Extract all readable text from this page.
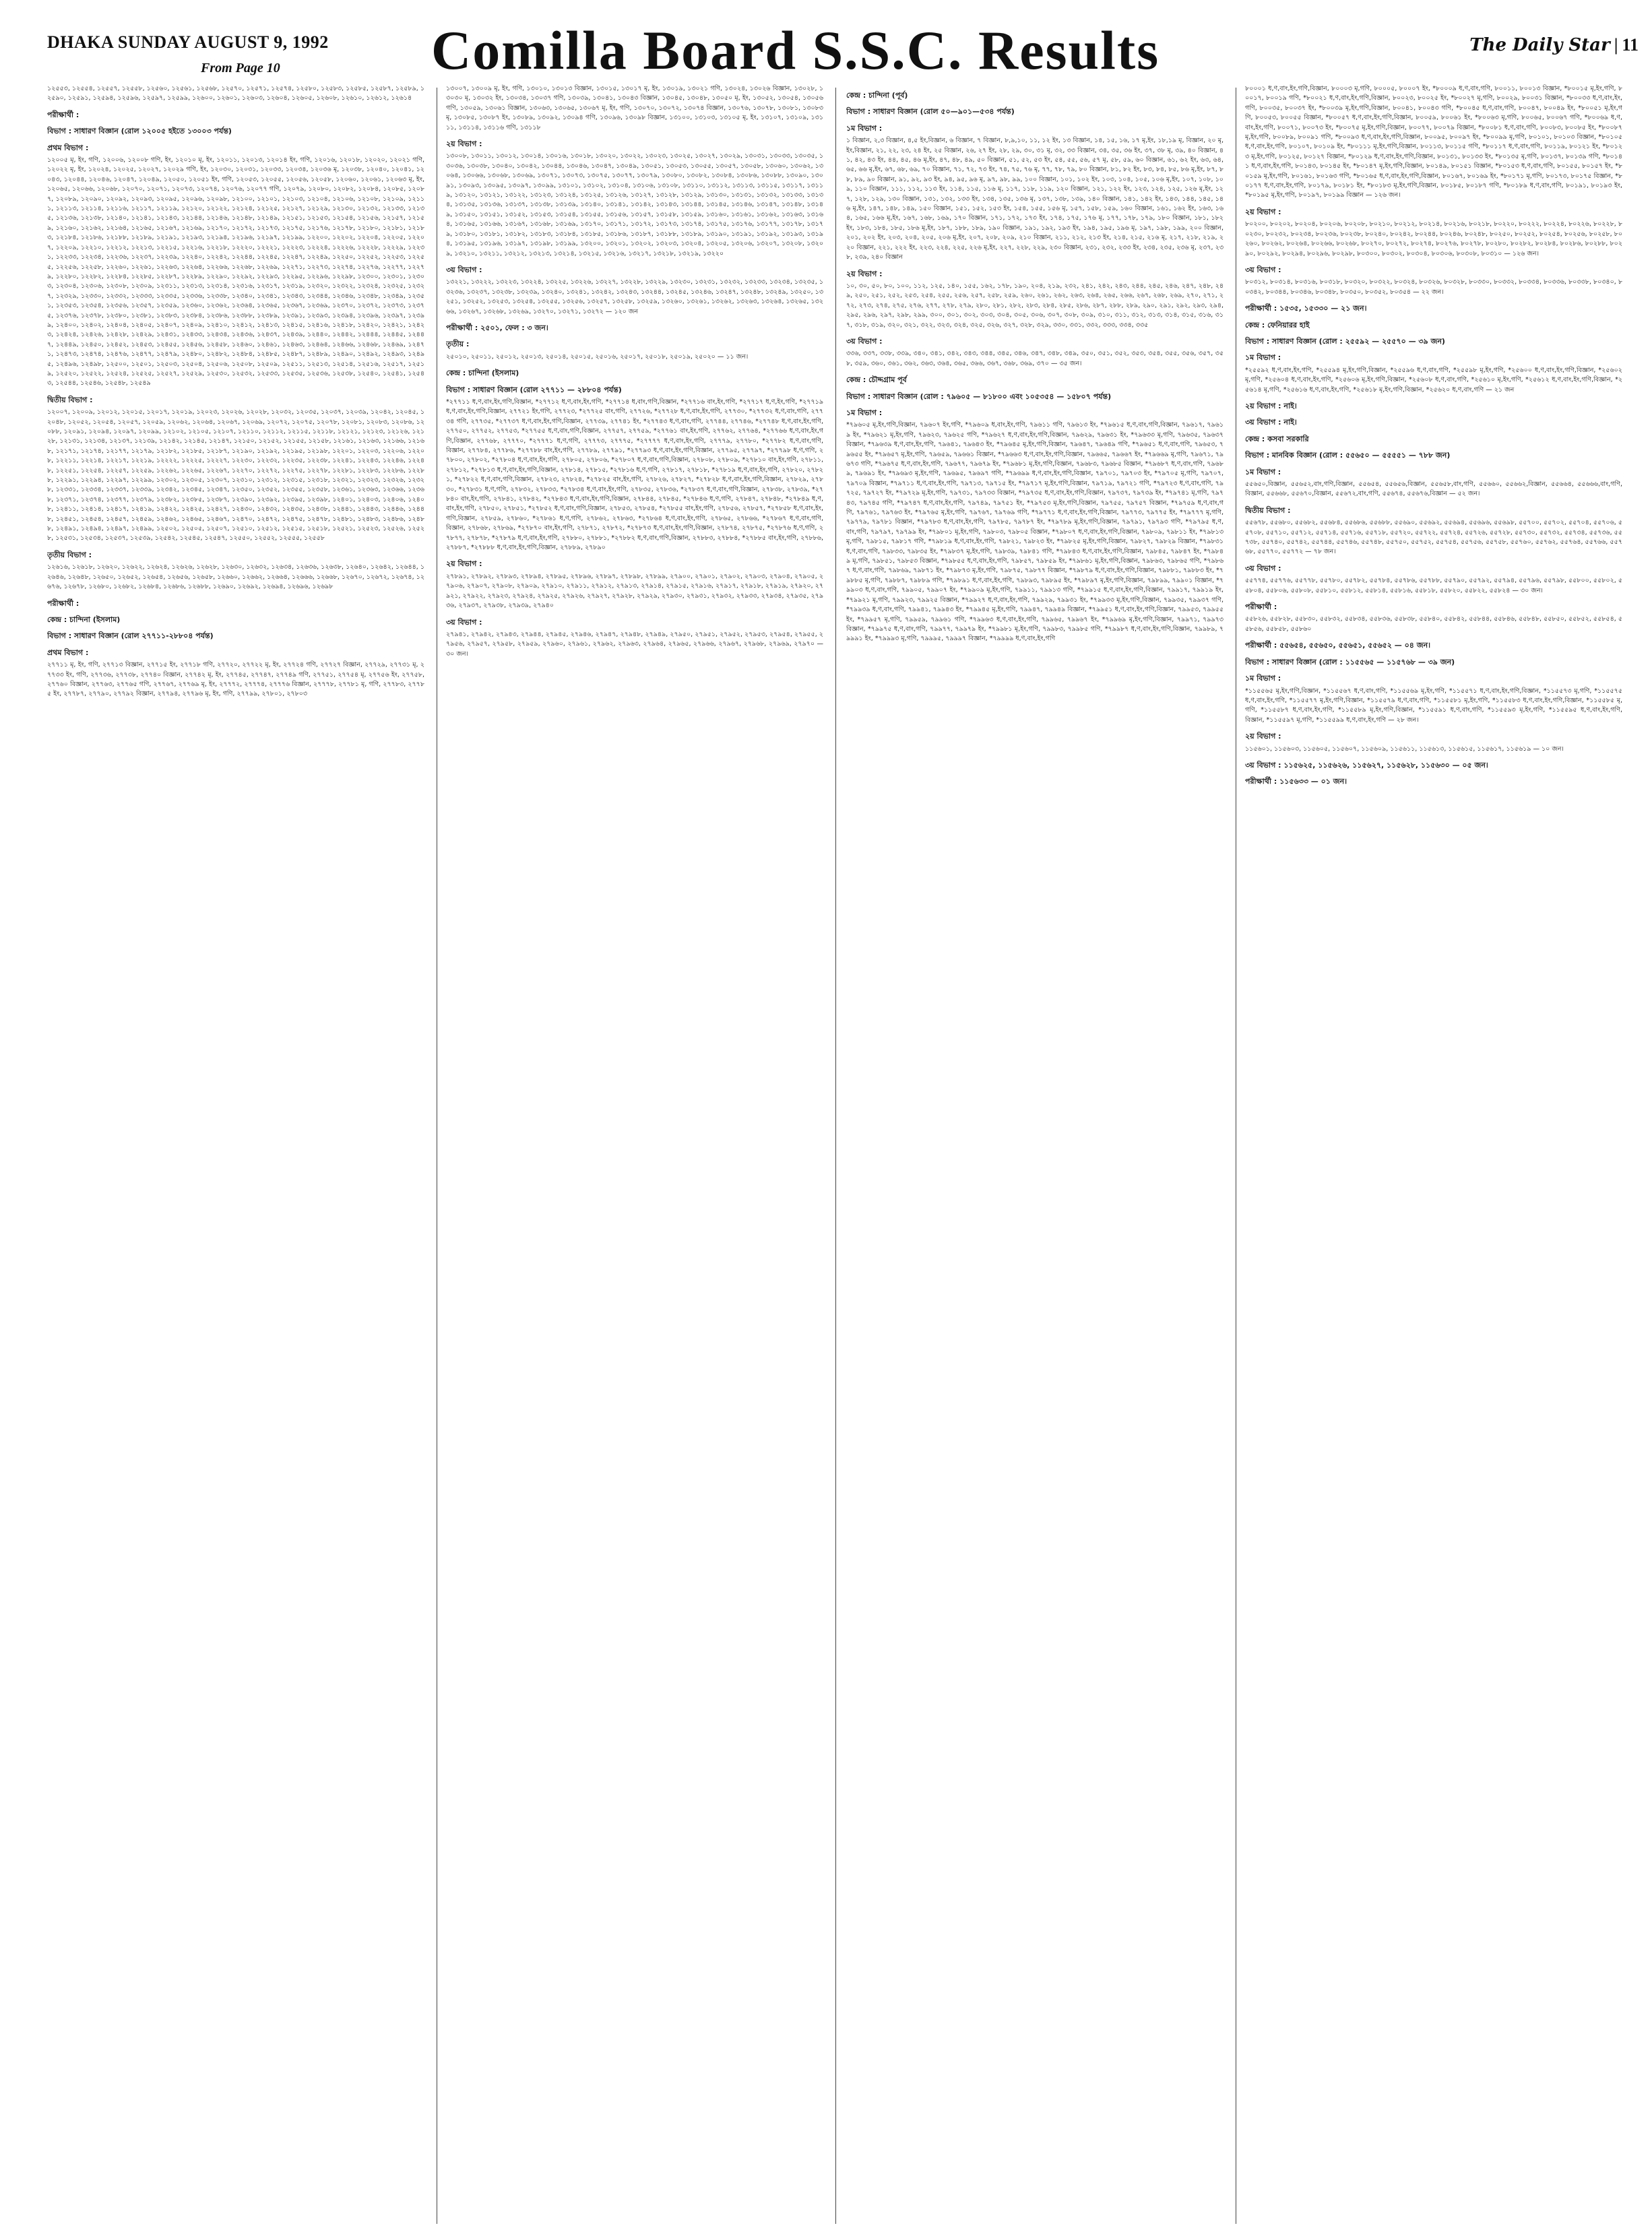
DHAKA SUNDAY AUGUST 9, 1992
From Page 10	Comilla Board S.S.C. Results	The Daily Star | 11
১২৫৫৩, ১২৫৫৪, ১২৫৫৭, ১২৫৫৮, ১২৫৬০, ১২৫৬১, ১২৫৬৮, ১২৫৭০, ১২৫৭১, ১২৫৭৪, ১২৫৮০, ১২৫৮৩, ১২৫৮৫, ১২৫৮৭, ১২৫৮৯, ১২৫৯০, ১২৫৯১, ১২৫৯৪, ১২৫৯৬, ১২৫৯৭, ১২৫৯৯, ১২৬০০, ১২৬০১, ১২৬০৩, ১২৬০৪, ১২৬০৫, ১২৬০৮, ১২৬১০, ১২৬১২, ১২৬১৪
পরীক্ষার্থী :
বিভাগ : সাধারণ বিজ্ঞান (রোল ১২০০৫ হইতে ১৩০০৩ পর্যন্ত)
প্রথম বিভাগ :
১২০০৫ মৃ, ইং, গণি, ১২০০৬, ১২০০৮ গণি, ইং, ১২০১০ মৃ, ইং, ১২০১১, ১২০১৩, ১২০১৪ ইং, গণি, ১২০১৬, ১২০১৮, ১২০২০, ১২০২১ গণি, ১২০২২ মৃ, ইং, ১২০২৪, ১২০২৫, ১২০২৭, ১২০২৯ গণি, ইং, ১২০৩০, ১২০৩১, ১২০৩৩, ১২০৩৪, ১২০৩৬ মৃ, ১২০৩৮, ১২০৪০, ১২০৪১, ১২০৪৩, ১২০৪৪, ১২০৪৬, ১২০৪৭, ১২০৪৯, ১২০৫০, ১২০৫১ ইং, গণি, ১২০৫৩, ১২০৫৫, ১২০৫৬, ১২০৫৮, ১২০৬০, ১২০৬১, ১২০৬৩ মৃ, ইং, ১২০৬৫, ১২০৬৬, ১২০৬৮, ১২০৭০, ১২০৭১, ১২০৭৩, ১২০৭৪, ১২০৭৬, ১২০৭৭ গণি, ১২০৭৯, ১২০৮০, ১২০৮২, ১২০৮৪, ১২০৮৫, ১২০৮৭, ১২০৮৯, ১২০৯০, ১২০৯২, ১২০৯৩, ১২০৯৫, ১২০৯৬, ১২০৯৮, ১২১০০, ১২১০১, ১২১০৩, ১২১০৪, ১২১০৬, ১২১০৮, ১২১০৯, ১২১১১, ১২১১৩, ১২১১৪, ১২১১৬, ১২১১৭, ১২১১৯, ১২১২০, ১২১২২, ১২১২৪, ১২১২৫, ১২১২৭, ১২১২৯, ১২১৩০, ১২১৩২, ১২১৩৩, ১২১৩৫, ১২১৩৬, ১২১৩৮, ১২১৪০, ১২১৪১, ১২১৪৩, ১২১৪৪, ১২১৪৬, ১২১৪৮, ১২১৪৯, ১২১৫১, ১২১৫৩, ১২১৫৪, ১২১৫৬, ১২১৫৭, ১২১৫৯, ১২১৬০, ১২১৬২, ১২১৬৪, ১২১৬৫, ১২১৬৭, ১২১৬৯, ১২১৭০, ১২১৭২, ১২১৭৩, ১২১৭৫, ১২১৭৬, ১২১৭৮, ১২১৮০, ১২১৮১, ১২১৮৩, ১২১৮৪, ১২১৮৬, ১২১৮৮, ১২১৮৯, ১২১৯১, ১২১৯৩, ১২১৯৪, ১২১৯৬, ১২১৯৭, ১২১৯৯, ১২২০০, ১২২০২, ১২২০৪, ১২২০৫, ১২২০৭, ১২২০৯, ১২২১০, ১২২১২, ১২২১৩, ১২২১৫, ১২২১৬, ১২২১৮, ১২২২০, ১২২২১, ১২২২৩, ১২২২৪, ১২২২৬, ১২২২৮, ১২২২৯, ১২২৩১, ১২২৩৩, ১২২৩৪, ১২২৩৬, ১২২৩৭, ১২২৩৯, ১২২৪০, ১২২৪২, ১২২৪৪, ১২২৪৫, ১২২৪৭, ১২২৪৯, ১২২৫০, ১২২৫২, ১২২৫৩, ১২২৫৫, ১২২৫৬, ১২২৫৮, ১২২৬০, ১২২৬১, ১২২৬৩, ১২২৬৪, ১২২৬৬, ১২২৬৮, ১২২৬৯, ১২২৭১, ১২২৭৩, ১২২৭৪, ১২২৭৬, ১২২৭৭, ১২২৭৯, ১২২৮০, ১২২৮২, ১২২৮৪, ১২২৮৫, ১২২৮৭, ১২২৮৯, ১২২৯০, ১২২৯২, ১২২৯৩, ১২২৯৫, ১২২৯৬, ১২২৯৮, ১২৩০০, ১২৩০১, ১২৩০৩, ১২৩০৪, ১২৩০৬, ১২৩০৮, ১২৩০৯, ১২৩১১, ১২৩১৩, ১২৩১৪, ১২৩১৬, ১২৩১৭, ১২৩১৯, ১২৩২০, ১২৩২২, ১২৩২৪, ১২৩২৫, ১২৩২৭, ১২৩২৯, ১২৩৩০, ১২৩৩২, ১২৩৩৩, ১২৩৩৫, ১২৩৩৬, ১২৩৩৮, ১২৩৪০, ১২৩৪১, ১২৩৪৩, ১২৩৪৪, ১২৩৪৬, ১২৩৪৮, ১২৩৪৯, ১২৩৫১, ১২৩৫৩, ১২৩৫৪, ১২৩৫৬, ১২৩৫৭, ১২৩৫৯, ১২৩৬০, ১২৩৬২, ১২৩৬৪, ১২৩৬৫, ১২৩৬৭, ১২৩৬৯, ১২৩৭০, ১২৩৭২, ১২৩৭৩, ১২৩৭৫, ১২৩৭৬, ১২৩৭৮, ১২৩৮০, ১২৩৮১, ১২৩৮৩, ১২৩৮৪, ১২৩৮৬, ১২৩৮৮, ১২৩৮৯, ১২৩৯১, ১২৩৯৩, ১২৩৯৪, ১২৩৯৬, ১২৩৯৭, ১২৩৯৯, ১২৪০০, ১২৪০২, ১২৪০৪, ১২৪০৫, ১২৪০৭, ১২৪০৯, ১২৪১০, ১২৪১২, ১২৪১৩, ১২৪১৫, ১২৪১৬, ১২৪১৮, ১২৪২০, ১২৪২১, ১২৪২৩, ১২৪২৪, ১২৪২৬, ১২৪২৮, ১২৪২৯, ১২৪৩১, ১২৪৩৩, ১২৪৩৪, ১২৪৩৬, ১২৪৩৭, ১২৪৩৯, ১২৪৪০, ১২৪৪২, ১২৪৪৪, ১২৪৪৫, ১২৪৪৭, ১২৪৪৯, ১২৪৫০, ১২৪৫২, ১২৪৫৩, ১২৪৫৫, ১২৪৫৬, ১২৪৫৮, ১২৪৬০, ১২৪৬১, ১২৪৬৩, ১২৪৬৪, ১২৪৬৬, ১২৪৬৮, ১২৪৬৯, ১২৪৭১, ১২৪৭৩, ১২৪৭৪, ১২৪৭৬, ১২৪৭৭, ১২৪৭৯, ১২৪৮০, ১২৪৮২, ১২৪৮৪, ১২৪৮৫, ১২৪৮৭, ১২৪৮৯, ১২৪৯০, ১২৪৯২, ১২৪৯৩, ১২৪৯৫, ১২৪৯৬, ১২৪৯৮, ১২৫০০, ১২৫০১, ১২৫০৩, ১২৫০৪, ১২৫০৬, ১২৫০৮, ১২৫০৯, ১২৫১১, ১২৫১৩, ১২৫১৪, ১২৫১৬, ১২৫১৭, ১২৫১৯, ১২৫২০, ১২৫২২, ১২৫২৪, ১২৫২৫, ১২৫২৭, ১২৫২৯, ১২৫৩০, ১২৫৩২, ১২৫৩৩, ১২৫৩৫, ১২৫৩৬, ১২৫৩৮, ১২৫৪০, ১২৫৪১, ১২৫৪৩, ১২৫৪৪, ১২৫৪৬, ১২৫৪৮, ১২৫৪৯
দ্বিতীয় বিভাগ :
১২০০৭, ১২০০৯, ১২০১২, ১২০১৫, ১২০১৭, ১২০১৯, ১২০২৩, ১২০২৬, ১২০২৮, ১২০৩২, ১২০৩৫, ১২০৩৭, ১২০৩৯, ১২০৪২, ১২০৪৫, ১২০৪৮, ১২০৫২, ১২০৫৪, ১২০৫৭, ১২০৫৯, ১২০৬২, ১২০৬৪, ১২০৬৭, ১২০৬৯, ১২০৭২, ১২০৭৫, ১২০৭৮, ১২০৮১, ১২০৮৩, ১২০৮৬, ১২০৮৮, ১২০৯১, ১২০৯৪, ১২০৯৭, ১২০৯৯, ১২১০২, ১২১০৫, ১২১০৭, ১২১১০, ১২১১২, ১২১১৫, ১২১১৮, ১২১২১, ১২১২৩, ১২১২৬, ১২১২৮, ১২১৩১, ১২১৩৪, ১২১৩৭, ১২১৩৯, ১২১৪২, ১২১৪৫, ১২১৪৭, ১২১৫০, ১২১৫২, ১২১৫৫, ১২১৫৮, ১২১৬১, ১২১৬৩, ১২১৬৬, ১২১৬৮, ১২১৭১, ১২১৭৪, ১২১৭৭, ১২১৭৯, ১২১৮২, ১২১৮৫, ১২১৮৭, ১২১৯০, ১২১৯২, ১২১৯৫, ১২১৯৮, ১২২০১, ১২২০৩, ১২২০৬, ১২২০৮, ১২২১১, ১২২১৪, ১২২১৭, ১২২১৯, ১২২২২, ১২২২৫, ১২২২৭, ১২২৩০, ১২২৩২, ১২২৩৫, ১২২৩৮, ১২২৪১, ১২২৪৩, ১২২৪৬, ১২২৪৮, ১২২৫১, ১২২৫৪, ১২২৫৭, ১২২৫৯, ১২২৬২, ১২২৬৫, ১২২৬৭, ১২২৭০, ১২২৭২, ১২২৭৫, ১২২৭৮, ১২২৮১, ১২২৮৩, ১২২৮৬, ১২২৮৮, ১২২৯১, ১২২৯৪, ১২২৯৭, ১২২৯৯, ১২৩০২, ১২৩০৫, ১২৩০৭, ১২৩১০, ১২৩১২, ১২৩১৫, ১২৩১৮, ১২৩২১, ১২৩২৩, ১২৩২৬, ১২৩২৮, ১২৩৩১, ১২৩৩৪, ১২৩৩৭, ১২৩৩৯, ১২৩৪২, ১২৩৪৫, ১২৩৪৭, ১২৩৫০, ১২৩৫২, ১২৩৫৫, ১২৩৫৮, ১২৩৬১, ১২৩৬৩, ১২৩৬৬, ১২৩৬৮, ১২৩৭১, ১২৩৭৪, ১২৩৭৭, ১২৩৭৯, ১২৩৮২, ১২৩৮৫, ১২৩৮৭, ১২৩৯০, ১২৩৯২, ১২৩৯৫, ১২৩৯৮, ১২৪০১, ১২৪০৩, ১২৪০৬, ১২৪০৮, ১২৪১১, ১২৪১৪, ১২৪১৭, ১২৪১৯, ১২৪২২, ১২৪২৫, ১২৪২৭, ১২৪৩০, ১২৪৩২, ১২৪৩৫, ১২৪৩৮, ১২৪৪১, ১২৪৪৩, ১২৪৪৬, ১২৪৪৮, ১২৪৫১, ১২৪৫৪, ১২৪৫৭, ১২৪৫৯, ১২৪৬২, ১২৪৬৫, ১২৪৬৭, ১২৪৭০, ১২৪৭২, ১২৪৭৫, ১২৪৭৮, ১২৪৮১, ১২৪৮৩, ১২৪৮৬, ১২৪৮৮, ১২৪৯১, ১২৪৯৪, ১২৪৯৭, ১২৪৯৯, ১২৫০২, ১২৫০৫, ১২৫০৭, ১২৫১০, ১২৫১২, ১২৫১৫, ১২৫১৮, ১২৫২১, ১২৫২৩, ১২৫২৬, ১২৫২৮, ১২৫৩১, ১২৫৩৪, ১২৫৩৭, ১২৫৩৯, ১২৫৪২, ১২৫৪৫, ১২৫৪৭, ১২৫৫০, ১২৫৫২, ১২৫৫৫, ১২৫৫৮
তৃতীয় বিভাগ :
১২৬১৬, ১২৬১৮, ১২৬২০, ১২৬২২, ১২৬২৪, ১২৬২৬, ১২৬২৮, ১২৬৩০, ১২৬৩২, ১২৬৩৪, ১২৬৩৬, ১২৬৩৮, ১২৬৪০, ১২৬৪২, ১২৬৪৪, ১২৬৪৬, ১২৬৪৮, ১২৬৫০, ১২৬৫২, ১২৬৫৪, ১২৬৫৬, ১২৬৫৮, ১২৬৬০, ১২৬৬২, ১২৬৬৪, ১২৬৬৬, ১২৬৬৮, ১২৬৭০, ১২৬৭২, ১২৬৭৪, ১২৬৭৬, ১২৬৭৮, ১২৬৮০, ১২৬৮২, ১২৬৮৪, ১২৬৮৬, ১২৬৮৮, ১২৬৯০, ১২৬৯২, ১২৬৯৪, ১২৬৯৬, ১২৬৯৮
পরীক্ষার্থী :
কেন্দ্র : চান্দিনা (ইসলাম)
বিভাগ : সাধারণ বিজ্ঞান (রোল ২৭৭১১-২৮৮০৪ পর্যন্ত)
প্রথম বিভাগ :
২৭৭১১ মৃ, ইং, গণি, ২৭৭১৩ বিজ্ঞান, ২৭৭১৫ ইং, ২৭৭১৮ গণি, ২৭৭২০, ২৭৭২২ মৃ, ইং, ২৭৭২৪ গণি, ২৭৭২৭ বিজ্ঞান, ২৭৭২৯, ২৭৭৩১ মৃ, ২৭৭৩৩ ইং, গণি, ২৭৭৩৬, ২৭৭৩৮, ২৭৭৪০ বিজ্ঞান, ২৭৭৪২ মৃ, ইং, ২৭৭৪৫, ২৭৭৪৭, ২৭৭৪৯ গণি, ২৭৭৫১, ২৭৭৫৪ মৃ, ২৭৭৫৬ ইং, ২৭৭৫৮, ২৭৭৬০ বিজ্ঞান, ২৭৭৬৩, ২৭৭৬৫ গণি, ২৭৭৬৭, ২৭৭৬৯ মৃ, ইং, ২৭৭৭২, ২৭৭৭৪, ২৭৭৭৬ বিজ্ঞান, ২৭৭৭৮, ২৭৭৮১ মৃ, গণি, ২৭৭৮৩, ২৭৭৮৫ ইং, ২৭৭৮৭, ২৭৭৯০, ২৭৭৯২ বিজ্ঞান, ২৭৭৯৪, ২৭৭৯৬ মৃ, ইং, গণি, ২৭৭৯৯, ২৭৮০১, ২৭৮০৩
১৩০০৭, ১৩০০৯ মৃ, ইং, গণি, ১৩০১০, ১৩০১৩ বিজ্ঞান, ১৩০১৫, ১৩০১৭ মৃ, ইং, ১৩০১৯, ১৩০২১ গণি, ১৩০২৪, ১৩০২৬ বিজ্ঞান, ১৩০২৮, ১৩০৩০ মৃ, ১৩০৩২ ইং, ১৩০৩৪, ১৩০৩৭ গণি, ১৩০৩৯, ১৩০৪১, ১৩০৪৩ বিজ্ঞান, ১৩০৪৫, ১৩০৪৮, ১৩০৫০ মৃ, ইং, ১৩০৫২, ১৩০৫৪, ১৩০৫৬ গণি, ১৩০৫৯, ১৩০৬১ বিজ্ঞান, ১৩০৬৩, ১৩০৬৫, ১৩০৬৭ মৃ, ইং, গণি, ১৩০৭০, ১৩০৭২, ১৩০৭৪ বিজ্ঞান, ১৩০৭৬, ১৩০৭৮, ১৩০৮১, ১৩০৮৩ মৃ, ১৩০৮৫, ১৩০৮৭ ইং, ১৩০৮৯, ১৩০৯২, ১৩০৯৪ গণি, ১৩০৯৬, ১৩০৯৮ বিজ্ঞান, ১৩১০০, ১৩১০৩, ১৩১০৫ মৃ, ইং, ১৩১০৭, ১৩১০৯, ১৩১১১, ১৩১১৪, ১৩১১৬ গণি, ১৩১১৮
২য় বিভাগ :
১৩০০৮, ১৩০১১, ১৩০১২, ১৩০১৪, ১৩০১৬, ১৩০১৮, ১৩০২০, ১৩০২২, ১৩০২৩, ১৩০২৫, ১৩০২৭, ১৩০২৯, ১৩০৩১, ১৩০৩৩, ১৩০৩৫, ১৩০৩৬, ১৩০৩৮, ১৩০৪০, ১৩০৪২, ১৩০৪৪, ১৩০৪৬, ১৩০৪৭, ১৩০৪৯, ১৩০৫১, ১৩০৫৩, ১৩০৫৫, ১৩০৫৭, ১৩০৫৮, ১৩০৬০, ১৩০৬২, ১৩০৬৪, ১৩০৬৬, ১৩০৬৮, ১৩০৬৯, ১৩০৭১, ১৩০৭৩, ১৩০৭৫, ১৩০৭৭, ১৩০৭৯, ১৩০৮০, ১৩০৮২, ১৩০৮৪, ১৩০৮৬, ১৩০৮৮, ১৩০৯০, ১৩০৯১, ১৩০৯৩, ১৩০৯৫, ১৩০৯৭, ১৩০৯৯, ১৩১০১, ১৩১০২, ১৩১০৪, ১৩১০৬, ১৩১০৮, ১৩১১০, ১৩১১২, ১৩১১৩, ১৩১১৫, ১৩১১৭, ১৩১১৯, ১৩১২০, ১৩১২১, ১৩১২২, ১৩১২৩, ১৩১২৪, ১৩১২৫, ১৩১২৬, ১৩১২৭, ১৩১২৮, ১৩১২৯, ১৩১৩০, ১৩১৩১, ১৩১৩২, ১৩১৩৩, ১৩১৩৪, ১৩১৩৫, ১৩১৩৬, ১৩১৩৭, ১৩১৩৮, ১৩১৩৯, ১৩১৪০, ১৩১৪১, ১৩১৪২, ১৩১৪৩, ১৩১৪৪, ১৩১৪৫, ১৩১৪৬, ১৩১৪৭, ১৩১৪৮, ১৩১৪৯, ১৩১৫০, ১৩১৫১, ১৩১৫২, ১৩১৫৩, ১৩১৫৪, ১৩১৫৫, ১৩১৫৬, ১৩১৫৭, ১৩১৫৮, ১৩১৫৯, ১৩১৬০, ১৩১৬১, ১৩১৬২, ১৩১৬৩, ১৩১৬৪, ১৩১৬৫, ১৩১৬৬, ১৩১৬৭, ১৩১৬৮, ১৩১৬৯, ১৩১৭০, ১৩১৭১, ১৩১৭২, ১৩১৭৩, ১৩১৭৪, ১৩১৭৫, ১৩১৭৬, ১৩১৭৭, ১৩১৭৮, ১৩১৭৯, ১৩১৮০, ১৩১৮১, ১৩১৮২, ১৩১৮৩, ১৩১৮৪, ১৩১৮৫, ১৩১৮৬, ১৩১৮৭, ১৩১৮৮, ১৩১৮৯, ১৩১৯০, ১৩১৯১, ১৩১৯২, ১৩১৯৩, ১৩১৯৪, ১৩১৯৫, ১৩১৯৬, ১৩১৯৭, ১৩১৯৮, ১৩১৯৯, ১৩২০০, ১৩২০১, ১৩২০২, ১৩২০৩, ১৩২০৪, ১৩২০৫, ১৩২০৬, ১৩২০৭, ১৩২০৮, ১৩২০৯, ১৩২১০, ১৩২১১, ১৩২১২, ১৩২১৩, ১৩২১৪, ১৩২১৫, ১৩২১৬, ১৩২১৭, ১৩২১৮, ১৩২১৯, ১৩২২০
৩য় বিভাগ :
১৩২২১, ১৩২২২, ১৩২২৩, ১৩২২৪, ১৩২২৫, ১৩২২৬, ১৩২২৭, ১৩২২৮, ১৩২২৯, ১৩২৩০, ১৩২৩১, ১৩২৩২, ১৩২৩৩, ১৩২৩৪, ১৩২৩৫, ১৩২৩৬, ১৩২৩৭, ১৩২৩৮, ১৩২৩৯, ১৩২৪০, ১৩২৪১, ১৩২৪২, ১৩২৪৩, ১৩২৪৪, ১৩২৪৫, ১৩২৪৬, ১৩২৪৭, ১৩২৪৮, ১৩২৪৯, ১৩২৫০, ১৩২৫১, ১৩২৫২, ১৩২৫৩, ১৩২৫৪, ১৩২৫৫, ১৩২৫৬, ১৩২৫৭, ১৩২৫৮, ১৩২৫৯, ১৩২৬০, ১৩২৬১, ১৩২৬২, ১৩২৬৩, ১৩২৬৪, ১৩২৬৫, ১৩২৬৬, ১৩২৬৭, ১৩২৬৮, ১৩২৬৯, ১৩২৭০, ১৩২৭১, ১৩২৭২ — ১২০ জন
পরীক্ষার্থী : ২৫০১, ফেল : ৩ জন।
তৃতীয় :
২৫০১০, ২৫০১১, ২৫০১২, ২৫০১৩, ২৫০১৪, ২৫০১৫, ২৫০১৬, ২৫০১৭, ২৫০১৮, ২৫০১৯, ২৫০২০ — ১১ জন।
কেন্দ্র : চান্দিনা (ইসলাম)
বিভাগ : সাধারণ বিজ্ঞান (রোল ২৭৭১১ — ২৮৮০৪ পর্যন্ত)
*২৭৭১১ ধ,ণ,বাং,ইং,গণি,বিজ্ঞান, *২৭৭১২ ধ,ণ,বাং,ইং,গণি, *২৭৭১৪ ধ,বাং,গণি,বিজ্ঞান, *২৭৭১৬ বাং,ইং,গণি, *২৭৭১৭ ধ,ণ,ইং,গণি, *২৭৭১৯ ধ,ণ,বাং,ইং,গণি,বিজ্ঞান, ২৭৭২১ ইং,গণি, ২৭৭২৩, *২৭৭২৫ বাং,গণি, ২৭৭২৬, *২৭৭২৮ ধ,ণ,বাং,ইং,গণি, ২৭৭৩০, *২৭৭৩২ ধ,ণ,বাং,গণি, ২৭৭৩৪ গণি, ২৭৭৩৫, *২৭৭৩৭ ধ,ণ,বাং,ইং,গণি,বিজ্ঞান, ২৭৭৩৯, ২৭৭৪১ ইং, *২৭৭৪৩ ধ,ণ,বাং,গণি, ২৭৭৪৪, ২৭৭৪৬, *২৭৭৪৮ ধ,ণ,বাং,ইং,গণি, ২৭৭৫০, ২৭৭৫২, ২৭৭৫৩, *২৭৭৫৫ ধ,ণ,বাং,গণি,বিজ্ঞান, ২৭৭৫৭, ২৭৭৫৯, *২৭৭৬১ বাং,ইং,গণি, ২৭৭৬২, ২৭৭৬৪, *২৭৭৬৬ ধ,ণ,বাং,ইং,গণি,বিজ্ঞান, ২৭৭৬৮, ২৭৭৭০, *২৭৭৭১ ধ,ণ,গণি, ২৭৭৭৩, ২৭৭৭৫, *২৭৭৭৭ ধ,ণ,বাং,ইং,গণি, ২৭৭৭৯, ২৭৭৮০, *২৭৭৮২ ধ,ণ,বাং,গণি,বিজ্ঞান, ২৭৭৮৪, ২৭৭৮৬, *২৭৭৮৮ বাং,ইং,গণি, ২৭৭৮৯, ২৭৭৯১, *২৭৭৯৩ ধ,ণ,বাং,ইং,গণি,বিজ্ঞান, ২৭৭৯৫, ২৭৭৯৭, *২৭৭৯৮ ধ,ণ,গণি, ২৭৮০০, ২৭৮০২, *২৭৮০৪ ধ,ণ,বাং,ইং,গণি, ২৭৮০৫, ২৭৮০৬, *২৭৮০৭ ধ,ণ,বাং,গণি,বিজ্ঞান, ২৭৮০৮, ২৭৮০৯, *২৭৮১০ বাং,ইং,গণি, ২৭৮১১, ২৭৮১২, *২৭৮১৩ ধ,ণ,বাং,ইং,গণি,বিজ্ঞান, ২৭৮১৪, ২৭৮১৫, *২৭৮১৬ ধ,ণ,গণি, ২৭৮১৭, ২৭৮১৮, *২৭৮১৯ ধ,ণ,বাং,ইং,গণি, ২৭৮২০, ২৭৮২১, *২৭৮২২ ধ,ণ,বাং,গণি,বিজ্ঞান, ২৭৮২৩, ২৭৮২৪, *২৭৮২৫ বাং,ইং,গণি, ২৭৮২৬, ২৭৮২৭, *২৭৮২৮ ধ,ণ,বাং,ইং,গণি,বিজ্ঞান, ২৭৮২৯, ২৭৮৩০, *২৭৮৩১ ধ,ণ,গণি, ২৭৮৩২, ২৭৮৩৩, *২৭৮৩৪ ধ,ণ,বাং,ইং,গণি, ২৭৮৩৫, ২৭৮৩৬, *২৭৮৩৭ ধ,ণ,বাং,গণি,বিজ্ঞান, ২৭৮৩৮, ২৭৮৩৯, *২৭৮৪০ বাং,ইং,গণি, ২৭৮৪১, ২৭৮৪২, *২৭৮৪৩ ধ,ণ,বাং,ইং,গণি,বিজ্ঞান, ২৭৮৪৪, ২৭৮৪৫, *২৭৮৪৬ ধ,ণ,গণি, ২৭৮৪৭, ২৭৮৪৮, *২৭৮৪৯ ধ,ণ,বাং,ইং,গণি, ২৭৮৫০, ২৭৮৫১, *২৭৮৫২ ধ,ণ,বাং,গণি,বিজ্ঞান, ২৭৮৫৩, ২৭৮৫৪, *২৭৮৫৫ বাং,ইং,গণি, ২৭৮৫৬, ২৭৮৫৭, *২৭৮৫৮ ধ,ণ,বাং,ইং,গণি,বিজ্ঞান, ২৭৮৫৯, ২৭৮৬০, *২৭৮৬১ ধ,ণ,গণি, ২৭৮৬২, ২৭৮৬৩, *২৭৮৬৪ ধ,ণ,বাং,ইং,গণি, ২৭৮৬৫, ২৭৮৬৬, *২৭৮৬৭ ধ,ণ,বাং,গণি,বিজ্ঞান, ২৭৮৬৮, ২৭৮৬৯, *২৭৮৭০ বাং,ইং,গণি, ২৭৮৭১, ২৭৮৭২, *২৭৮৭৩ ধ,ণ,বাং,ইং,গণি,বিজ্ঞান, ২৭৮৭৪, ২৭৮৭৫, *২৭৮৭৬ ধ,ণ,গণি, ২৭৮৭৭, ২৭৮৭৮, *২৭৮৭৯ ধ,ণ,বাং,ইং,গণি, ২৭৮৮০, ২৭৮৮১, *২৭৮৮২ ধ,ণ,বাং,গণি,বিজ্ঞান, ২৭৮৮৩, ২৭৮৮৪, *২৭৮৮৫ বাং,ইং,গণি, ২৭৮৮৬, ২৭৮৮৭, *২৭৮৮৮ ধ,ণ,বাং,ইং,গণি,বিজ্ঞান, ২৭৮৮৯, ২৭৮৯০
২য় বিভাগ :
২৭৮৯১, ২৭৮৯২, ২৭৮৯৩, ২৭৮৯৪, ২৭৮৯৫, ২৭৮৯৬, ২৭৮৯৭, ২৭৮৯৮, ২৭৮৯৯, ২৭৯০০, ২৭৯০১, ২৭৯০২, ২৭৯০৩, ২৭৯০৪, ২৭৯০৫, ২৭৯০৬, ২৭৯০৭, ২৭৯০৮, ২৭৯০৯, ২৭৯১০, ২৭৯১১, ২৭৯১২, ২৭৯১৩, ২৭৯১৪, ২৭৯১৫, ২৭৯১৬, ২৭৯১৭, ২৭৯১৮, ২৭৯১৯, ২৭৯২০, ২৭৯২১, ২৭৯২২, ২৭৯২৩, ২৭৯২৪, ২৭৯২৫, ২৭৯২৬, ২৭৯২৭, ২৭৯২৮, ২৭৯২৯, ২৭৯৩০, ২৭৯৩১, ২৭৯৩২, ২৭৯৩৩, ২৭৯৩৪, ২৭৯৩৫, ২৭৯৩৬, ২৭৯৩৭, ২৭৯৩৮, ২৭৯৩৯, ২৭৯৪০
৩য় বিভাগ :
২৭৯৪১, ২৭৯৪২, ২৭৯৪৩, ২৭৯৪৪, ২৭৯৪৫, ২৭৯৪৬, ২৭৯৪৭, ২৭৯৪৮, ২৭৯৪৯, ২৭৯৫০, ২৭৯৫১, ২৭৯৫২, ২৭৯৫৩, ২৭৯৫৪, ২৭৯৫৫, ২৭৯৫৬, ২৭৯৫৭, ২৭৯৫৮, ২৭৯৫৯, ২৭৯৬০, ২৭৯৬১, ২৭৯৬২, ২৭৯৬৩, ২৭৯৬৪, ২৭৯৬৫, ২৭৯৬৬, ২৭৯৬৭, ২৭৯৬৮, ২৭৯৬৯, ২৭৯৭০ — ৩০ জন।
কেন্দ্র : চান্দিনা (পূর্ব)
বিভাগ : সাধারণ বিজ্ঞান (রোল ৫০—৯০১—৫৩৪ পর্যন্ত)
১ম বিভাগ :
১ বিজ্ঞান, ২,৩ বিজ্ঞান, ৪,৫ ইং,বিজ্ঞান, ৬ বিজ্ঞান, ৭ বিজ্ঞান, ৮,৯,১০, ১১, ১২ ইং, ১৩ বিজ্ঞান, ১৪, ১৫, ১৬, ১৭ মৃ,ইং, ১৮,১৯ মৃ, বিজ্ঞান, ২০ মৃ,ইং,বিজ্ঞান, ২১, ২২, ২৩, ২৪ ইং, ২৫ বিজ্ঞান, ২৬, ২৭ ইং, ২৮, ২৯, ৩০, ৩১ মৃ, ৩২, ৩৩ বিজ্ঞান, ৩৪, ৩৫, ৩৬ ইং, ৩৭, ৩৮ মৃ, ৩৯, ৪০ বিজ্ঞান, ৪১, ৪২, ৪৩ ইং, ৪৪, ৪৫, ৪৬ মৃ,ইং, ৪৭, ৪৮, ৪৯, ৫০ বিজ্ঞান, ৫১, ৫২, ৫৩ ইং, ৫৪, ৫৫, ৫৬, ৫৭ মৃ, ৫৮, ৫৯, ৬০ বিজ্ঞান, ৬১, ৬২ ইং, ৬৩, ৬৪, ৬৫, ৬৬ মৃ,ইং, ৬৭, ৬৮, ৬৯, ৭০ বিজ্ঞান, ৭১, ৭২, ৭৩ ইং, ৭৪, ৭৫, ৭৬ মৃ, ৭৭, ৭৮, ৭৯, ৮০ বিজ্ঞান, ৮১, ৮২ ইং, ৮৩, ৮৪, ৮৫, ৮৬ মৃ,ইং, ৮৭, ৮৮, ৮৯, ৯০ বিজ্ঞান, ৯১, ৯২, ৯৩ ইং, ৯৪, ৯৫, ৯৬ মৃ, ৯৭, ৯৮, ৯৯, ১০০ বিজ্ঞান, ১০১, ১০২ ইং, ১০৩, ১০৪, ১০৫, ১০৬ মৃ,ইং, ১০৭, ১০৮, ১০৯, ১১০ বিজ্ঞান, ১১১, ১১২, ১১৩ ইং, ১১৪, ১১৫, ১১৬ মৃ, ১১৭, ১১৮, ১১৯, ১২০ বিজ্ঞান, ১২১, ১২২ ইং, ১২৩, ১২৪, ১২৫, ১২৬ মৃ,ইং, ১২৭, ১২৮, ১২৯, ১৩০ বিজ্ঞান, ১৩১, ১৩২, ১৩৩ ইং, ১৩৪, ১৩৫, ১৩৬ মৃ, ১৩৭, ১৩৮, ১৩৯, ১৪০ বিজ্ঞান, ১৪১, ১৪২ ইং, ১৪৩, ১৪৪, ১৪৫, ১৪৬ মৃ,ইং, ১৪৭, ১৪৮, ১৪৯, ১৫০ বিজ্ঞান, ১৫১, ১৫২, ১৫৩ ইং, ১৫৪, ১৫৫, ১৫৬ মৃ, ১৫৭, ১৫৮, ১৫৯, ১৬০ বিজ্ঞান, ১৬১, ১৬২ ইং, ১৬৩, ১৬৪, ১৬৫, ১৬৬ মৃ,ইং, ১৬৭, ১৬৮, ১৬৯, ১৭০ বিজ্ঞান, ১৭১, ১৭২, ১৭৩ ইং, ১৭৪, ১৭৫, ১৭৬ মৃ, ১৭৭, ১৭৮, ১৭৯, ১৮০ বিজ্ঞান, ১৮১, ১৮২ ইং, ১৮৩, ১৮৪, ১৮৫, ১৮৬ মৃ,ইং, ১৮৭, ১৮৮, ১৮৯, ১৯০ বিজ্ঞান, ১৯১, ১৯২, ১৯৩ ইং, ১৯৪, ১৯৫, ১৯৬ মৃ, ১৯৭, ১৯৮, ১৯৯, ২০০ বিজ্ঞান, ২০১, ২০২ ইং, ২০৩, ২০৪, ২০৫, ২০৬ মৃ,ইং, ২০৭, ২০৮, ২০৯, ২১০ বিজ্ঞান, ২১১, ২১২, ২১৩ ইং, ২১৪, ২১৫, ২১৬ মৃ, ২১৭, ২১৮, ২১৯, ২২০ বিজ্ঞান, ২২১, ২২২ ইং, ২২৩, ২২৪, ২২৫, ২২৬ মৃ,ইং, ২২৭, ২২৮, ২২৯, ২৩০ বিজ্ঞান, ২৩১, ২৩২, ২৩৩ ইং, ২৩৪, ২৩৫, ২৩৬ মৃ, ২৩৭, ২৩৮, ২৩৯, ২৪০ বিজ্ঞান
২য় বিভাগ :
১০, ৩০, ৫০, ৮০, ১০০, ১১২, ১২৫, ১৪০, ১৫৫, ১৬২, ১৭৮, ১৯০, ২০৪, ২১৯, ২৩২, ২৪১, ২৪২, ২৪৩, ২৪৪, ২৪৫, ২৪৬, ২৪৭, ২৪৮, ২৪৯, ২৫০, ২৫১, ২৫২, ২৫৩, ২৫৪, ২৫৫, ২৫৬, ২৫৭, ২৫৮, ২৫৯, ২৬০, ২৬১, ২৬২, ২৬৩, ২৬৪, ২৬৫, ২৬৬, ২৬৭, ২৬৮, ২৬৯, ২৭০, ২৭১, ২৭২, ২৭৩, ২৭৪, ২৭৫, ২৭৬, ২৭৭, ২৭৮, ২৭৯, ২৮০, ২৮১, ২৮২, ২৮৩, ২৮৪, ২৮৫, ২৮৬, ২৮৭, ২৮৮, ২৮৯, ২৯০, ২৯১, ২৯২, ২৯৩, ২৯৪, ২৯৫, ২৯৬, ২৯৭, ২৯৮, ২৯৯, ৩০০, ৩০১, ৩০২, ৩০৩, ৩০৪, ৩০৫, ৩০৬, ৩০৭, ৩০৮, ৩০৯, ৩১০, ৩১১, ৩১২, ৩১৩, ৩১৪, ৩১৫, ৩১৬, ৩১৭, ৩১৮, ৩১৯, ৩২০, ৩২১, ৩২২, ৩২৩, ৩২৪, ৩২৫, ৩২৬, ৩২৭, ৩২৮, ৩২৯, ৩৩০, ৩৩১, ৩৩২, ৩৩৩, ৩৩৪, ৩৩৫
৩য় বিভাগ :
৩৩৬, ৩৩৭, ৩৩৮, ৩৩৯, ৩৪০, ৩৪১, ৩৪২, ৩৪৩, ৩৪৪, ৩৪৫, ৩৪৬, ৩৪৭, ৩৪৮, ৩৪৯, ৩৫০, ৩৫১, ৩৫২, ৩৫৩, ৩৫৪, ৩৫৫, ৩৫৬, ৩৫৭, ৩৫৮, ৩৫৯, ৩৬০, ৩৬১, ৩৬২, ৩৬৩, ৩৬৪, ৩৬৫, ৩৬৬, ৩৬৭, ৩৬৮, ৩৬৯, ৩৭০ — ৩৫ জন।
কেন্দ্র : চৌদ্দগ্রাম পূর্ব
বিভাগ : সাধারণ বিজ্ঞান (রোল : ৭৯৬০৫ — ৮১৮০০ এবং ১০৫৩৫৪ — ১৫৮০৭ পর্যন্ত)
১ম বিভাগ :
*৭৯৬০৫ মৃ,ইং,গণি,বিজ্ঞান, ৭৯৬০৭ ইং,গণি, *৭৯৬০৯ ধ,বাং,ইং,গণি, ৭৯৬১১ গণি, ৭৯৬১৩ ইং, *৭৯৬১৫ ধ,ণ,বাং,গণি,বিজ্ঞান, ৭৯৬১৭, ৭৯৬১৯ ইং, *৭৯৬২১ মৃ,ইং,গণি, ৭৯৬২৩, ৭৯৬২৫ গণি, *৭৯৬২৭ ধ,ণ,বাং,ইং,গণি,বিজ্ঞান, ৭৯৬২৯, ৭৯৬৩১ ইং, *৭৯৬৩৩ মৃ,গণি, ৭৯৬৩৫, ৭৯৬৩৭ বিজ্ঞান, *৭৯৬৩৯ ধ,ণ,বাং,ইং,গণি, ৭৯৬৪১, ৭৯৬৪৩ ইং, *৭৯৬৪৫ মৃ,ইং,গণি,বিজ্ঞান, ৭৯৬৪৭, ৭৯৬৪৯ গণি, *৭৯৬৫১ ধ,ণ,বাং,গণি, ৭৯৬৫৩, ৭৯৬৫৫ ইং, *৭৯৬৫৭ মৃ,ইং,গণি, ৭৯৬৫৯, ৭৯৬৬১ বিজ্ঞান, *৭৯৬৬৩ ধ,ণ,বাং,ইং,গণি,বিজ্ঞান, ৭৯৬৬৫, ৭৯৬৬৭ ইং, *৭৯৬৬৯ মৃ,গণি, ৭৯৬৭১, ৭৯৬৭৩ গণি, *৭৯৬৭৫ ধ,ণ,বাং,ইং,গণি, ৭৯৬৭৭, ৭৯৬৭৯ ইং, *৭৯৬৮১ মৃ,ইং,গণি,বিজ্ঞান, ৭৯৬৮৩, ৭৯৬৮৫ বিজ্ঞান, *৭৯৬৮৭ ধ,ণ,বাং,গণি, ৭৯৬৮৯, ৭৯৬৯১ ইং, *৭৯৬৯৩ মৃ,ইং,গণি, ৭৯৬৯৫, ৭৯৬৯৭ গণি, *৭৯৬৯৯ ধ,ণ,বাং,ইং,গণি,বিজ্ঞান, ৭৯৭০১, ৭৯৭০৩ ইং, *৭৯৭০৫ মৃ,গণি, ৭৯৭০৭, ৭৯৭০৯ বিজ্ঞান, *৭৯৭১১ ধ,ণ,বাং,ইং,গণি, ৭৯৭১৩, ৭৯৭১৫ ইং, *৭৯৭১৭ মৃ,ইং,গণি,বিজ্ঞান, ৭৯৭১৯, ৭৯৭২১ গণি, *৭৯৭২৩ ধ,ণ,বাং,গণি, ৭৯৭২৫, ৭৯৭২৭ ইং, *৭৯৭২৯ মৃ,ইং,গণি, ৭৯৭৩১, ৭৯৭৩৩ বিজ্ঞান, *৭৯৭৩৫ ধ,ণ,বাং,ইং,গণি,বিজ্ঞান, ৭৯৭৩৭, ৭৯৭৩৯ ইং, *৭৯৭৪১ মৃ,গণি, ৭৯৭৪৩, ৭৯৭৪৫ গণি, *৭৯৭৪৭ ধ,ণ,বাং,ইং,গণি, ৭৯৭৪৯, ৭৯৭৫১ ইং, *৭৯৭৫৩ মৃ,ইং,গণি,বিজ্ঞান, ৭৯৭৫৫, ৭৯৭৫৭ বিজ্ঞান, *৭৯৭৫৯ ধ,ণ,বাং,গণি, ৭৯৭৬১, ৭৯৭৬৩ ইং, *৭৯৭৬৫ মৃ,ইং,গণি, ৭৯৭৬৭, ৭৯৭৬৯ গণি, *৭৯৭৭১ ধ,ণ,বাং,ইং,গণি,বিজ্ঞান, ৭৯৭৭৩, ৭৯৭৭৫ ইং, *৭৯৭৭৭ মৃ,গণি, ৭৯৭৭৯, ৭৯৭৮১ বিজ্ঞান, *৭৯৭৮৩ ধ,ণ,বাং,ইং,গণি, ৭৯৭৮৫, ৭৯৭৮৭ ইং, *৭৯৭৮৯ মৃ,ইং,গণি,বিজ্ঞান, ৭৯৭৯১, ৭৯৭৯৩ গণি, *৭৯৭৯৫ ধ,ণ,বাং,গণি, ৭৯৭৯৭, ৭৯৭৯৯ ইং, *৭৯৮০১ মৃ,ইং,গণি, ৭৯৮০৩, ৭৯৮০৫ বিজ্ঞান, *৭৯৮০৭ ধ,ণ,বাং,ইং,গণি,বিজ্ঞান, ৭৯৮০৯, ৭৯৮১১ ইং, *৭৯৮১৩ মৃ,গণি, ৭৯৮১৫, ৭৯৮১৭ গণি, *৭৯৮১৯ ধ,ণ,বাং,ইং,গণি, ৭৯৮২১, ৭৯৮২৩ ইং, *৭৯৮২৫ মৃ,ইং,গণি,বিজ্ঞান, ৭৯৮২৭, ৭৯৮২৯ বিজ্ঞান, *৭৯৮৩১ ধ,ণ,বাং,গণি, ৭৯৮৩৩, ৭৯৮৩৫ ইং, *৭৯৮৩৭ মৃ,ইং,গণি, ৭৯৮৩৯, ৭৯৮৪১ গণি, *৭৯৮৪৩ ধ,ণ,বাং,ইং,গণি,বিজ্ঞান, ৭৯৮৪৫, ৭৯৮৪৭ ইং, *৭৯৮৪৯ মৃ,গণি, ৭৯৮৫১, ৭৯৮৫৩ বিজ্ঞান, *৭৯৮৫৫ ধ,ণ,বাং,ইং,গণি, ৭৯৮৫৭, ৭৯৮৫৯ ইং, *৭৯৮৬১ মৃ,ইং,গণি,বিজ্ঞান, ৭৯৮৬৩, ৭৯৮৬৫ গণি, *৭৯৮৬৭ ধ,ণ,বাং,গণি, ৭৯৮৬৯, ৭৯৮৭১ ইং, *৭৯৮৭৩ মৃ,ইং,গণি, ৭৯৮৭৫, ৭৯৮৭৭ বিজ্ঞান, *৭৯৮৭৯ ধ,ণ,বাং,ইং,গণি,বিজ্ঞান, ৭৯৮৮১, ৭৯৮৮৩ ইং, *৭৯৮৮৫ মৃ,গণি, ৭৯৮৮৭, ৭৯৮৮৯ গণি, *৭৯৮৯১ ধ,ণ,বাং,ইং,গণি, ৭৯৮৯৩, ৭৯৮৯৫ ইং, *৭৯৮৯৭ মৃ,ইং,গণি,বিজ্ঞান, ৭৯৮৯৯, ৭৯৯০১ বিজ্ঞান, *৭৯৯০৩ ধ,ণ,বাং,গণি, ৭৯৯০৫, ৭৯৯০৭ ইং, *৭৯৯০৯ মৃ,ইং,গণি, ৭৯৯১১, ৭৯৯১৩ গণি, *৭৯৯১৫ ধ,ণ,বাং,ইং,গণি,বিজ্ঞান, ৭৯৯১৭, ৭৯৯১৯ ইং, *৭৯৯২১ মৃ,গণি, ৭৯৯২৩, ৭৯৯২৫ বিজ্ঞান, *৭৯৯২৭ ধ,ণ,বাং,ইং,গণি, ৭৯৯২৯, ৭৯৯৩১ ইং, *৭৯৯৩৩ মৃ,ইং,গণি,বিজ্ঞান, ৭৯৯৩৫, ৭৯৯৩৭ গণি, *৭৯৯৩৯ ধ,ণ,বাং,গণি, ৭৯৯৪১, ৭৯৯৪৩ ইং, *৭৯৯৪৫ মৃ,ইং,গণি, ৭৯৯৪৭, ৭৯৯৪৯ বিজ্ঞান, *৭৯৯৫১ ধ,ণ,বাং,ইং,গণি,বিজ্ঞান, ৭৯৯৫৩, ৭৯৯৫৫ ইং, *৭৯৯৫৭ মৃ,গণি, ৭৯৯৫৯, ৭৯৯৬১ গণি, *৭৯৯৬৩ ধ,ণ,বাং,ইং,গণি, ৭৯৯৬৫, ৭৯৯৬৭ ইং, *৭৯৯৬৯ মৃ,ইং,গণি,বিজ্ঞান, ৭৯৯৭১, ৭৯৯৭৩ বিজ্ঞান, *৭৯৯৭৫ ধ,ণ,বাং,গণি, ৭৯৯৭৭, ৭৯৯৭৯ ইং, *৭৯৯৮১ মৃ,ইং,গণি, ৭৯৯৮৩, ৭৯৯৮৫ গণি, *৭৯৯৮৭ ধ,ণ,বাং,ইং,গণি,বিজ্ঞান, ৭৯৯৮৯, ৭৯৯৯১ ইং, *৭৯৯৯৩ মৃ,গণি, ৭৯৯৯৫, ৭৯৯৯৭ বিজ্ঞান, *৭৯৯৯৯ ধ,ণ,বাং,ইং,গণি
৮০০০১ ধ,ণ,বাং,ইং,গণি,বিজ্ঞান, ৮০০০৩ মৃ,গণি, ৮০০০৫, ৮০০০৭ ইং, *৮০০০৯ ধ,ণ,বাং,গণি, ৮০০১১, ৮০০১৩ বিজ্ঞান, *৮০০১৫ মৃ,ইং,গণি, ৮০০১৭, ৮০০১৯ গণি, *৮০০২১ ধ,ণ,বাং,ইং,গণি,বিজ্ঞান, ৮০০২৩, ৮০০২৫ ইং, *৮০০২৭ মৃ,গণি, ৮০০২৯, ৮০০৩১ বিজ্ঞান, *৮০০৩৩ ধ,ণ,বাং,ইং,গণি, ৮০০৩৫, ৮০০৩৭ ইং, *৮০০৩৯ মৃ,ইং,গণি,বিজ্ঞান, ৮০০৪১, ৮০০৪৩ গণি, *৮০০৪৫ ধ,ণ,বাং,গণি, ৮০০৪৭, ৮০০৪৯ ইং, *৮০০৫১ মৃ,ইং,গণি, ৮০০৫৩, ৮০০৫৫ বিজ্ঞান, *৮০০৫৭ ধ,ণ,বাং,ইং,গণি,বিজ্ঞান, ৮০০৫৯, ৮০০৬১ ইং, *৮০০৬৩ মৃ,গণি, ৮০০৬৫, ৮০০৬৭ গণি, *৮০০৬৯ ধ,ণ,বাং,ইং,গণি, ৮০০৭১, ৮০০৭৩ ইং, *৮০০৭৫ মৃ,ইং,গণি,বিজ্ঞান, ৮০০৭৭, ৮০০৭৯ বিজ্ঞান, *৮০০৮১ ধ,ণ,বাং,গণি, ৮০০৮৩, ৮০০৮৫ ইং, *৮০০৮৭ মৃ,ইং,গণি, ৮০০৮৯, ৮০০৯১ গণি, *৮০০৯৩ ধ,ণ,বাং,ইং,গণি,বিজ্ঞান, ৮০০৯৫, ৮০০৯৭ ইং, *৮০০৯৯ মৃ,গণি, ৮০১০১, ৮০১০৩ বিজ্ঞান, *৮০১০৫ ধ,ণ,বাং,ইং,গণি, ৮০১০৭, ৮০১০৯ ইং, *৮০১১১ মৃ,ইং,গণি,বিজ্ঞান, ৮০১১৩, ৮০১১৫ গণি, *৮০১১৭ ধ,ণ,বাং,গণি, ৮০১১৯, ৮০১২১ ইং, *৮০১২৩ মৃ,ইং,গণি, ৮০১২৫, ৮০১২৭ বিজ্ঞান, *৮০১২৯ ধ,ণ,বাং,ইং,গণি,বিজ্ঞান, ৮০১৩১, ৮০১৩৩ ইং, *৮০১৩৫ মৃ,গণি, ৮০১৩৭, ৮০১৩৯ গণি, *৮০১৪১ ধ,ণ,বাং,ইং,গণি, ৮০১৪৩, ৮০১৪৫ ইং, *৮০১৪৭ মৃ,ইং,গণি,বিজ্ঞান, ৮০১৪৯, ৮০১৫১ বিজ্ঞান, *৮০১৫৩ ধ,ণ,বাং,গণি, ৮০১৫৫, ৮০১৫৭ ইং, *৮০১৫৯ মৃ,ইং,গণি, ৮০১৬১, ৮০১৬৩ গণি, *৮০১৬৫ ধ,ণ,বাং,ইং,গণি,বিজ্ঞান, ৮০১৬৭, ৮০১৬৯ ইং, *৮০১৭১ মৃ,গণি, ৮০১৭৩, ৮০১৭৫ বিজ্ঞান, *৮০১৭৭ ধ,ণ,বাং,ইং,গণি, ৮০১৭৯, ৮০১৮১ ইং, *৮০১৮৩ মৃ,ইং,গণি,বিজ্ঞান, ৮০১৮৫, ৮০১৮৭ গণি, *৮০১৮৯ ধ,ণ,বাং,গণি, ৮০১৯১, ৮০১৯৩ ইং, *৮০১৯৫ মৃ,ইং,গণি, ৮০১৯৭, ৮০১৯৯ বিজ্ঞান — ১২৬ জন।
২য় বিভাগ :
৮০২০০, ৮০২০২, ৮০২০৪, ৮০২০৬, ৮০২০৮, ৮০২১০, ৮০২১২, ৮০২১৪, ৮০২১৬, ৮০২১৮, ৮০২২০, ৮০২২২, ৮০২২৪, ৮০২২৬, ৮০২২৮, ৮০২৩০, ৮০২৩২, ৮০২৩৪, ৮০২৩৬, ৮০২৩৮, ৮০২৪০, ৮০২৪২, ৮০২৪৪, ৮০২৪৬, ৮০২৪৮, ৮০২৫০, ৮০২৫২, ৮০২৫৪, ৮০২৫৬, ৮০২৫৮, ৮০২৬০, ৮০২৬২, ৮০২৬৪, ৮০২৬৬, ৮০২৬৮, ৮০২৭০, ৮০২৭২, ৮০২৭৪, ৮০২৭৬, ৮০২৭৮, ৮০২৮০, ৮০২৮২, ৮০২৮৪, ৮০২৮৬, ৮০২৮৮, ৮০২৯০, ৮০২৯২, ৮০২৯৪, ৮০২৯৬, ৮০২৯৮, ৮০৩০০, ৮০৩০২, ৮০৩০৪, ৮০৩০৬, ৮০৩০৮, ৮০৩১০ — ১২৬ জন।
৩য় বিভাগ :
৮০৩১২, ৮০৩১৪, ৮০৩১৬, ৮০৩১৮, ৮০৩২০, ৮০৩২২, ৮০৩২৪, ৮০৩২৬, ৮০৩২৮, ৮০৩৩০, ৮০৩৩২, ৮০৩৩৪, ৮০৩৩৬, ৮০৩৩৮, ৮০৩৪০, ৮০৩৪২, ৮০৩৪৪, ৮০৩৪৬, ৮০৩৪৮, ৮০৩৫০, ৮০৩৫২, ৮০৩৫৪ — ২২ জন।
পরীক্ষার্থী : ১৫৩৫, ১৫৩৩০ — ২১ জন।
কেন্দ্র : ফেনিয়ারর হাই
বিভাগ : সাধারণ বিজ্ঞান (রোল : ২৫৫৯২ — ২৫৫৭০ — ৩৯ জন)
১ম বিভাগ :
*২৫৫৯২ ধ,ণ,বাং,ইং,গণি, *২৫৫৯৪ মৃ,ইং,গণি,বিজ্ঞান, *২৫৫৯৬ ধ,ণ,বাং,গণি, *২৫৫৯৮ মৃ,ইং,গণি, *২৫৬০০ ধ,ণ,বাং,ইং,গণি,বিজ্ঞান, *২৫৬০২ মৃ,গণি, *২৫৬০৪ ধ,ণ,বাং,ইং,গণি, *২৫৬০৬ মৃ,ইং,গণি,বিজ্ঞান, *২৫৬০৮ ধ,ণ,বাং,গণি, *২৫৬১০ মৃ,ইং,গণি, *২৫৬১২ ধ,ণ,বাং,ইং,গণি,বিজ্ঞান, *২৫৬১৪ মৃ,গণি, *২৫৬১৬ ধ,ণ,বাং,ইং,গণি, *২৫৬১৮ মৃ,ইং,গণি,বিজ্ঞান, *২৫৬২০ ধ,ণ,বাং,গণি — ২১ জন
২য় বিভাগ : নাই।
৩য় বিভাগ : নাই।
কেন্দ্র : কসবা সরকারি
বিভাগ : মানবিক বিজ্ঞান (রোল : ৫৫৬৫০ — ৫৫৫৫১ — ৭৮৮ জন)
১ম বিভাগ :
৫৫৬৫০,বিজ্ঞান, ৫৫৬৫২,বাং,গণি,বিজ্ঞান, ৫৫৬৫৪, ৫৫৬৫৬,বিজ্ঞান, ৫৫৬৫৮,বাং,গণি, ৫৫৬৬০, ৫৫৬৬২,বিজ্ঞান, ৫৫৬৬৪, ৫৫৬৬৬,বাং,গণি,বিজ্ঞান, ৫৫৬৬৮, ৫৫৬৭০,বিজ্ঞান, ৫৫৬৭২,বাং,গণি, ৫৫৬৭৪, ৫৫৬৭৬,বিজ্ঞান — ৫২ জন।
দ্বিতীয় বিভাগ :
৫৫৬৭৮, ৫৫৬৮০, ৫৫৬৮২, ৫৫৬৮৪, ৫৫৬৮৬, ৫৫৬৮৮, ৫৫৬৯০, ৫৫৬৯২, ৫৫৬৯৪, ৫৫৬৯৬, ৫৫৬৯৮, ৫৫৭০০, ৫৫৭০২, ৫৫৭০৪, ৫৫৭০৬, ৫৫৭০৮, ৫৫৭১০, ৫৫৭১২, ৫৫৭১৪, ৫৫৭১৬, ৫৫৭১৮, ৫৫৭২০, ৫৫৭২২, ৫৫৭২৪, ৫৫৭২৬, ৫৫৭২৮, ৫৫৭৩০, ৫৫৭৩২, ৫৫৭৩৪, ৫৫৭৩৬, ৫৫৭৩৮, ৫৫৭৪০, ৫৫৭৪২, ৫৫৭৪৪, ৫৫৭৪৬, ৫৫৭৪৮, ৫৫৭৫০, ৫৫৭৫২, ৫৫৭৫৪, ৫৫৭৫৬, ৫৫৭৫৮, ৫৫৭৬০, ৫৫৭৬২, ৫৫৭৬৪, ৫৫৭৬৬, ৫৫৭৬৮, ৫৫৭৭০, ৫৫৭৭২ — ৭৮ জন।
৩য় বিভাগ :
৫৫৭৭৪, ৫৫৭৭৬, ৫৫৭৭৮, ৫৫৭৮০, ৫৫৭৮২, ৫৫৭৮৪, ৫৫৭৮৬, ৫৫৭৮৮, ৫৫৭৯০, ৫৫৭৯২, ৫৫৭৯৪, ৫৫৭৯৬, ৫৫৭৯৮, ৫৫৮০০, ৫৫৮০২, ৫৫৮০৪, ৫৫৮০৬, ৫৫৮০৮, ৫৫৮১০, ৫৫৮১২, ৫৫৮১৪, ৫৫৮১৬, ৫৫৮১৮, ৫৫৮২০, ৫৫৮২২, ৫৫৮২৪ — ৩০ জন।
পরীক্ষার্থী :
৫৫৮২৬, ৫৫৮২৮, ৫৫৮৩০, ৫৫৮৩২, ৫৫৮৩৪, ৫৫৮৩৬, ৫৫৮৩৮, ৫৫৮৪০, ৫৫৮৪২, ৫৫৮৪৪, ৫৫৮৪৬, ৫৫৮৪৮, ৫৫৮৫০, ৫৫৮৫২, ৫৫৮৫৪, ৫৫৮৫৬, ৫৫৮৫৮, ৫৫৮৬০
পরীক্ষার্থী : ৫৫৬৫৪, ৫৫৬৫০, ৫৫৬৫১, ৫৫৬৫২ — ০৪ জন।
বিভাগ : সাধারণ বিজ্ঞান (রোল : ১১৫৫৬৫ — ১১৫৭৬৮ — ৩৯ জন)
১ম বিভাগ :
*১১৫৫৬৫ মৃ,ইং,গণি,বিজ্ঞান, *১১৫৫৬৭ ধ,ণ,বাং,গণি, *১১৫৫৬৯ মৃ,ইং,গণি, *১১৫৫৭১ ধ,ণ,বাং,ইং,গণি,বিজ্ঞান, *১১৫৫৭৩ মৃ,গণি, *১১৫৫৭৫ ধ,ণ,বাং,ইং,গণি, *১১৫৫৭৭ মৃ,ইং,গণি,বিজ্ঞান, *১১৫৫৭৯ ধ,ণ,বাং,গণি, *১১৫৫৮১ মৃ,ইং,গণি, *১১৫৫৮৩ ধ,ণ,বাং,ইং,গণি,বিজ্ঞান, *১১৫৫৮৫ মৃ,গণি, *১১৫৫৮৭ ধ,ণ,বাং,ইং,গণি, *১১৫৫৮৯ মৃ,ইং,গণি,বিজ্ঞান, *১১৫৫৯১ ধ,ণ,বাং,গণি, *১১৫৫৯৩ মৃ,ইং,গণি, *১১৫৫৯৫ ধ,ণ,বাং,ইং,গণি,বিজ্ঞান, *১১৫৫৯৭ মৃ,গণি, *১১৫৫৯৯ ধ,ণ,বাং,ইং,গণি — ২৮ জন।
২য় বিভাগ :
১১৫৬০১, ১১৫৬০৩, ১১৫৬০৫, ১১৫৬০৭, ১১৫৬০৯, ১১৫৬১১, ১১৫৬১৩, ১১৫৬১৫, ১১৫৬১৭, ১১৫৬১৯ — ১০ জন।
৩য় বিভাগ : ১১৫৬২৫, ১১৫৬২৬, ১১৫৬২৭, ১১৫৬২৮, ১১৫৬৩০ — ০৫ জন।
পরীক্ষার্থী : ১১৫৬৩৩ — ০১ জন।
